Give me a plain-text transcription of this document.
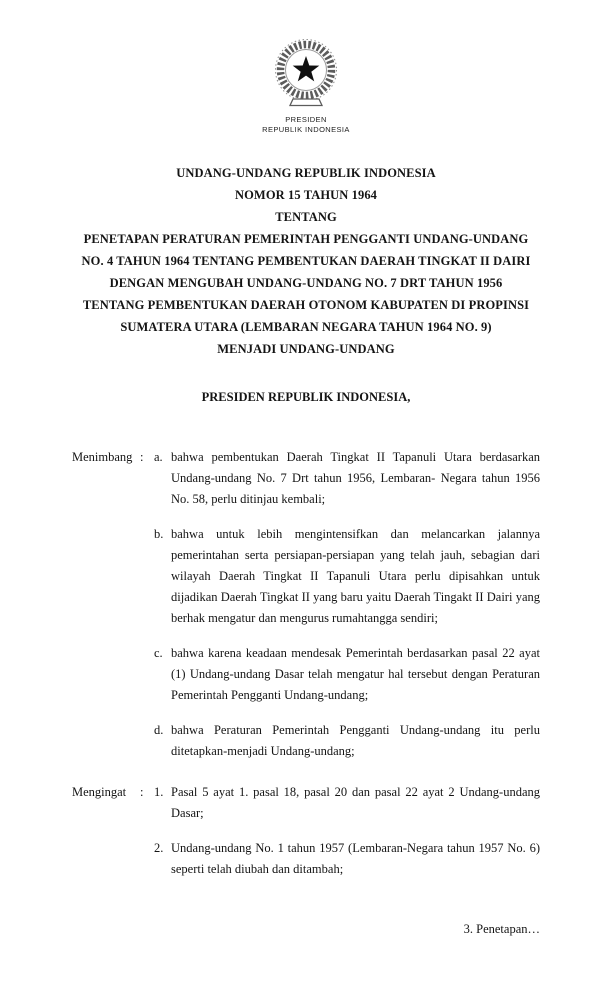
PRESIDEN
REPUBLIK INDONESIA
UNDANG-UNDANG REPUBLIK INDONESIA
NOMOR 15 TAHUN 1964
TENTANG
PENETAPAN PERATURAN PEMERINTAH PENGGANTI UNDANG-UNDANG
NO. 4 TAHUN 1964 TENTANG PEMBENTUKAN DAERAH TINGKAT II DAIRI
DENGAN MENGUBAH UNDANG-UNDANG NO. 7 DRT TAHUN 1956
TENTANG PEMBENTUKAN DAERAH OTONOM KABUPATEN DI PROPINSI
SUMATERA UTARA (LEMBARAN NEGARA TAHUN 1964 NO. 9)
MENJADI UNDANG-UNDANG
PRESIDEN REPUBLIK INDONESIA,
Menimbang : a. bahwa pembentukan Daerah Tingkat II Tapanuli Utara berdasarkan Undang-undang No. 7 Drt tahun 1956, Lembaran- Negara tahun 1956 No. 58, perlu ditinjau kembali;

b. bahwa untuk lebih mengintensifkan dan melancarkan jalannya pemerintahan serta persiapan-persiapan yang telah jauh, sebagian dari wilayah Daerah Tingkat II Tapanuli Utara perlu dipisahkan untuk dijadikan Daerah Tingkat II yang baru yaitu Daerah Tingakt II Dairi yang berhak mengatur dan mengurus rumahtangga sendiri;

c. bahwa karena keadaan mendesak Pemerintah berdasarkan pasal 22 ayat (1) Undang-undang Dasar telah mengatur hal tersebut dengan Peraturan Pemerintah Pengganti Undang-undang;

d. bahwa Peraturan Pemerintah Pengganti Undang-undang itu perlu ditetapkan-menjadi Undang-undang;

Mengingat	: 1. Pasal 5 ayat 1. pasal 18, pasal 20 dan pasal 22 ayat 2 Undang-undang Dasar;

2. Undang-undang No. 1 tahun 1957 (Lembaran-Negara tahun 1957 No. 6) seperti telah diubah dan ditambah;

3. Penetapan…
